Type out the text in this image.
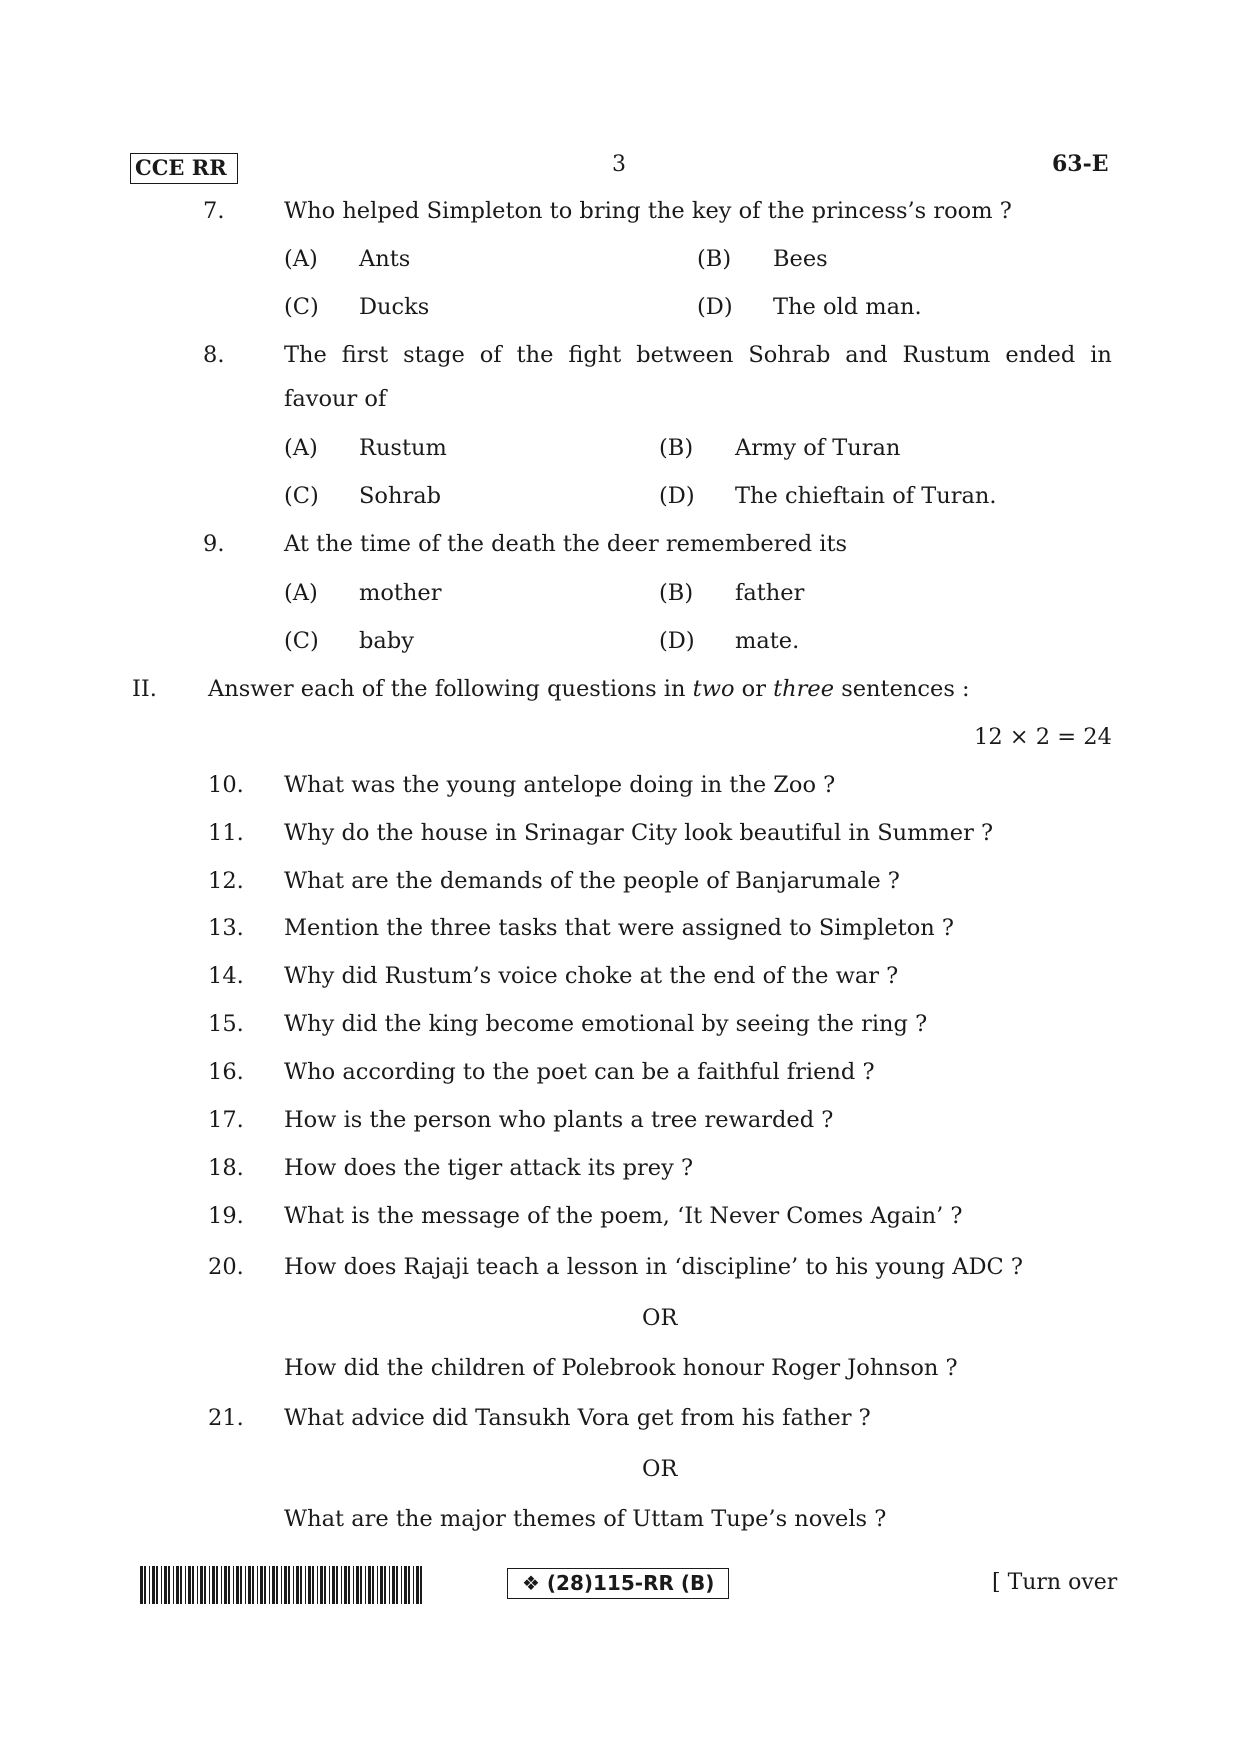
CCE RR	3	63-E
7.	Who helped Simpleton to bring the key of the princess’s room ?
(A) Ants	(B) Bees
(C) Ducks	(D) The old man.
8.	The first stage of the fight between Sohrab and Rustum ended in
favour of
(A) Rustum	(B) Army of Turan
(C) Sohrab	(D) The chieftain of Turan.
9.	At the time of the death the deer remembered its
(A) mother	(B) father
(C) baby	(D) mate.
II. Answer each of the following questions in two or three sentences :
12 × 2 = 24
10. What was the young antelope doing in the Zoo ?
11. Why do the house in Srinagar City look beautiful in Summer ?
12. What are the demands of the people of Banjarumale ?
13. Mention the three tasks that were assigned to Simpleton ?
14. Why did Rustum’s voice choke at the end of the war ?
15. Why did the king become emotional by seeing the ring ?
16. Who according to the poet can be a faithful friend ?
17. How is the person who plants a tree rewarded ?
18. How does the tiger attack its prey ?
19. What is the message of the poem, ‘It Never Comes Again’ ?
20. How does Rajaji teach a lesson in ‘discipline’ to his young ADC ?
OR
How did the children of Polebrook honour Roger Johnson ?
21. What advice did Tansukh Vora get from his father ?
OR
What are the major themes of Uttam Tupe’s novels ?
❖ (28)115-RR (B)	[ Turn over
